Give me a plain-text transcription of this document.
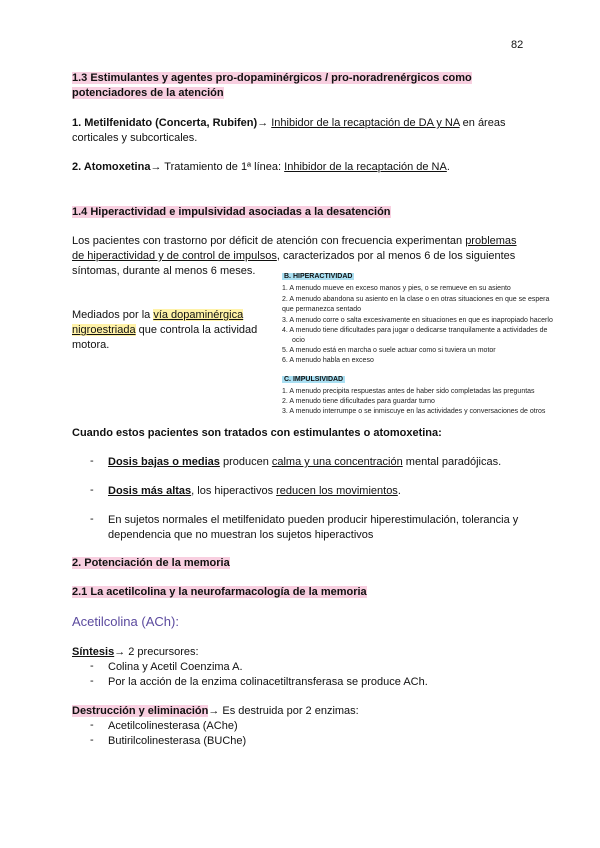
82
1.3 Estimulantes y agentes pro-dopaminérgicos / pro-noradrenérgicos como
potenciadores de la atención
1. Metilfenidato (Concerta, Rubifen)→ Inhibidor de la recaptación de DA y NA en áreas
corticales y subcorticales.
2. Atomoxetina→ Tratamiento de 1ª línea: Inhibidor de la recaptación de NA.
1.4 Hiperactividad e impulsividad asociadas a la desatención
Los pacientes con trastorno por déficit de atención con frecuencia experimentan problemas
de hiperactividad y de control de impulsos, caracterizados por al menos 6 de los siguientes
síntomas, durante al menos 6 meses.
Mediados por la vía dopaminérgica
nigroestriada que controla la actividad
motora.
B. HIPERACTIVIDAD
1. A menudo mueve en exceso manos y pies, o se remueve en su asiento
2. A menudo abandona su asiento en la clase o en otras situaciones en que se espera
que permanezca sentado
3. A menudo corre o salta excesivamente en situaciones en que es inapropiado hacerlo
4. A menudo tiene dificultades para jugar o dedicarse tranquilamente a actividades de
ocio
5. A menudo está en marcha o suele actuar como si tuviera un motor
6. A menudo habla en exceso
C. IMPULSIVIDAD
1. A menudo precipita respuestas antes de haber sido completadas las preguntas
2. A menudo tiene dificultades para guardar turno
3. A menudo interrumpe o se inmiscuye en las actividades y conversaciones de otros
Cuando estos pacientes son tratados con estimulantes o atomoxetina:
- Dosis bajas o medias producen calma y una concentración mental paradójicas.
- Dosis más altas, los hiperactivos reducen los movimientos.
- En sujetos normales el metilfenidato pueden producir hiperestimulación, tolerancia y
dependencia que no muestran los sujetos hiperactivos
2. Potenciación de la memoria
2.1 La acetilcolina y la neurofarmacología de la memoria
Acetilcolina (ACh):
Síntesis→ 2 precursores:
- Colina y Acetil Coenzima A.
- Por la acción de la enzima colinacetiltransferasa se produce ACh.
Destrucción y eliminación→ Es destruida por 2 enzimas:
- Acetilcolinesterasa (AChe)
- Butirilcolinesterasa (BUChe)
